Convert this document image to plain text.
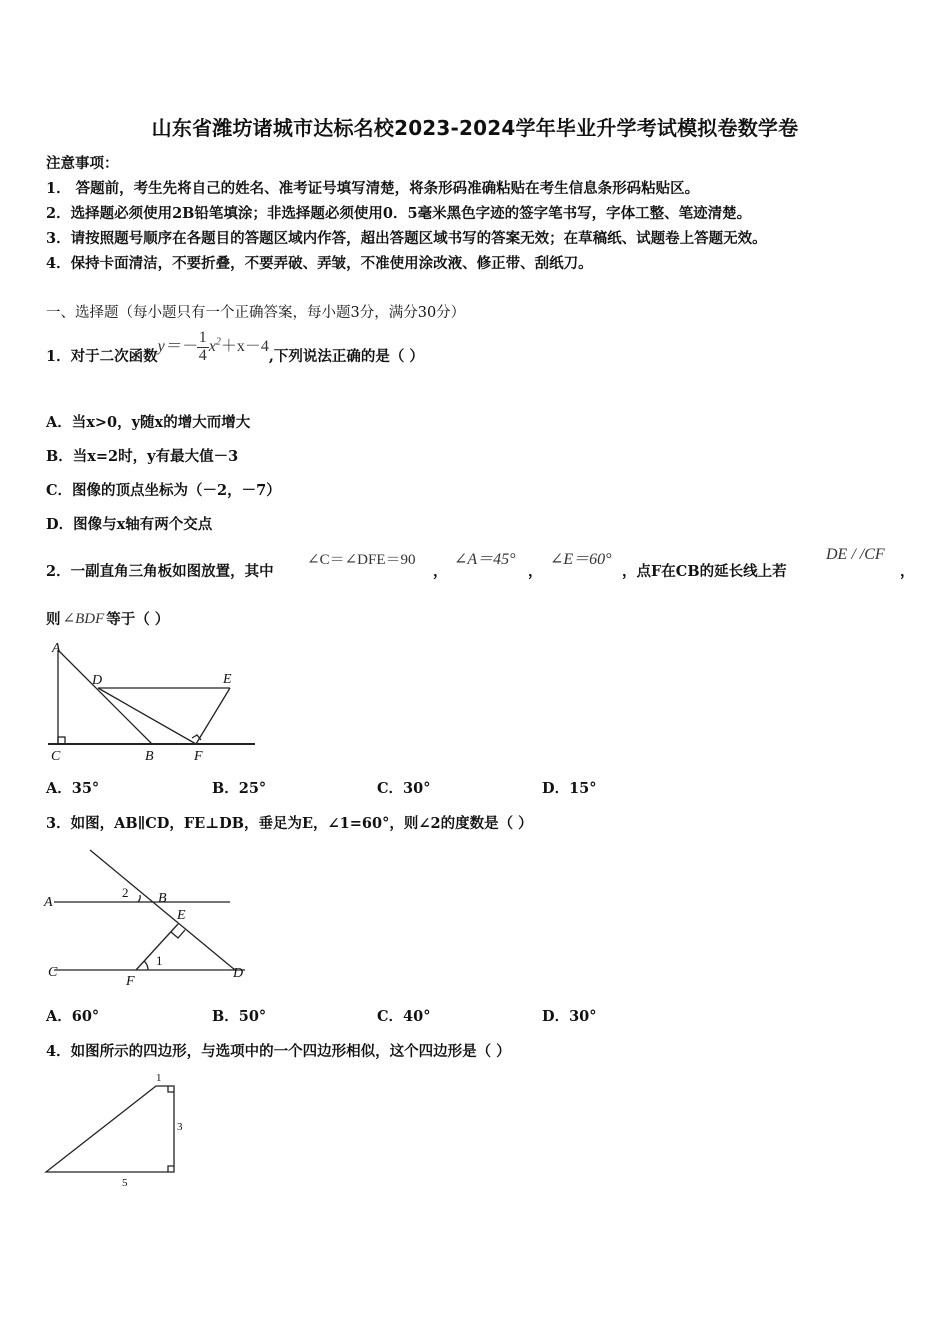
山东省潍坊诸城市达标名校2023-2024学年毕业升学考试模拟卷数学卷
注意事项：
1． 答题前，考生先将自己的姓名、准考证号填写清楚，将条形码准确粘贴在考生信息条形码粘贴区。
2．选择题必须使用2B铅笔填涂；非选择题必须使用0．5毫米黑色字迹的签字笔书写，字体工整、笔迹清楚。
3．请按照题号顺序在各题目的答题区域内作答，超出答题区域书写的答案无效；在草稿纸、试题卷上答题无效。
4．保持卡面清洁，不要折叠，不要弄破、弄皱，不准使用涂改液、修正带、刮纸刀。
一、选择题（每小题只有一个正确答案，每小题3分，满分30分）
1．对于二次函数
$y=- \frac{1}{4} x^2+x-4$
,下列说法正确的是（ ）
A．当x>0，y随x的增大而增大
B．当x=2时，y有最大值－3
C．图像的顶点坐标为（－2，－7）
D．图像与x轴有两个交点
2．一副直角三角板如图放置，其中
∠C＝∠DFE＝90
，
∠A＝45°
，
∠E＝60°
，点F在CB的延长线上若
DE / /CF
，
则 ∠BDF 等于（ ）
A
D	E
C	B	F
A．35°	B．25°	C．30°	D．15°
3．如图，AB∥CD，FE⊥DB，垂足为E，∠1=60°，则∠2的度数是（ ）
A	B
E
C
F
D
1
2
A．60°	B．50°	C．40°	D．30°
4．如图所示的四边形，与选项中的一个四边形相似，这个四边形是（ ）
1
3
5
